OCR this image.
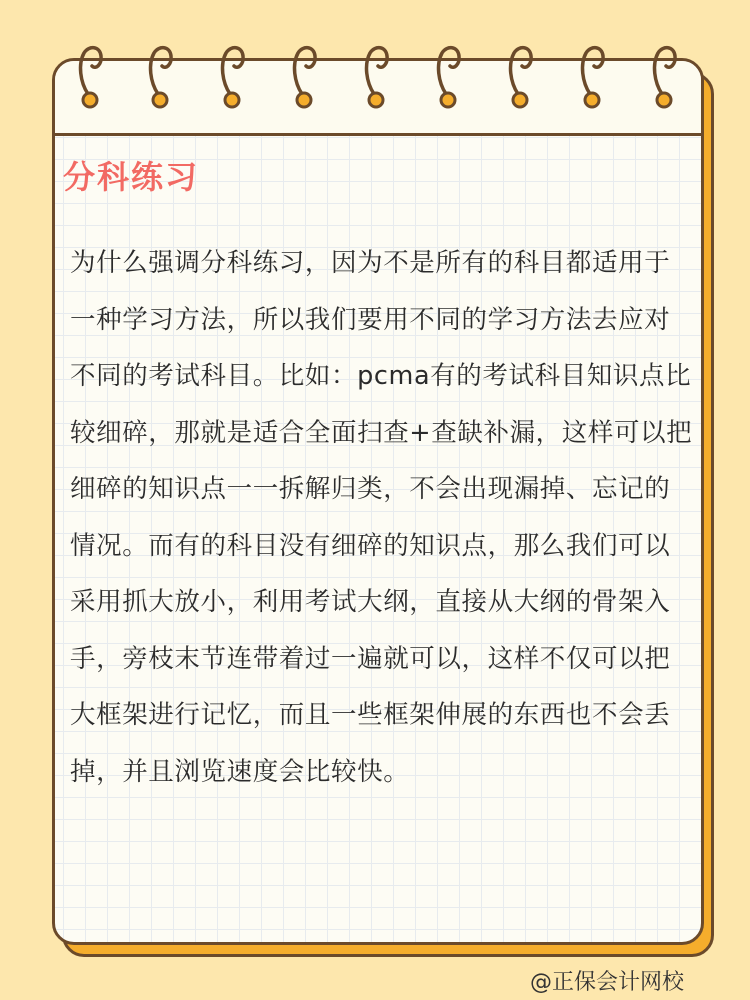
分科练习

为什么强调分科练习，因为不是所有的科目都适用于一种学习方法，所以我们要用不同的学习方法去应对不同的考试科目。比如：pcma有的考试科目知识点比较细碎，那就是适合全面扫查+查缺补漏，这样可以把细碎的知识点一一拆解归类，不会出现漏掉、忘记的情况。而有的科目没有细碎的知识点，那么我们可以采用抓大放小，利用考试大纲，直接从大纲的骨架入手，旁枝末节连带着过一遍就可以，这样不仅可以把大框架进行记忆，而且一些框架伸展的东西也不会丢掉，并且浏览速度会比较快。

@正保会计网校
